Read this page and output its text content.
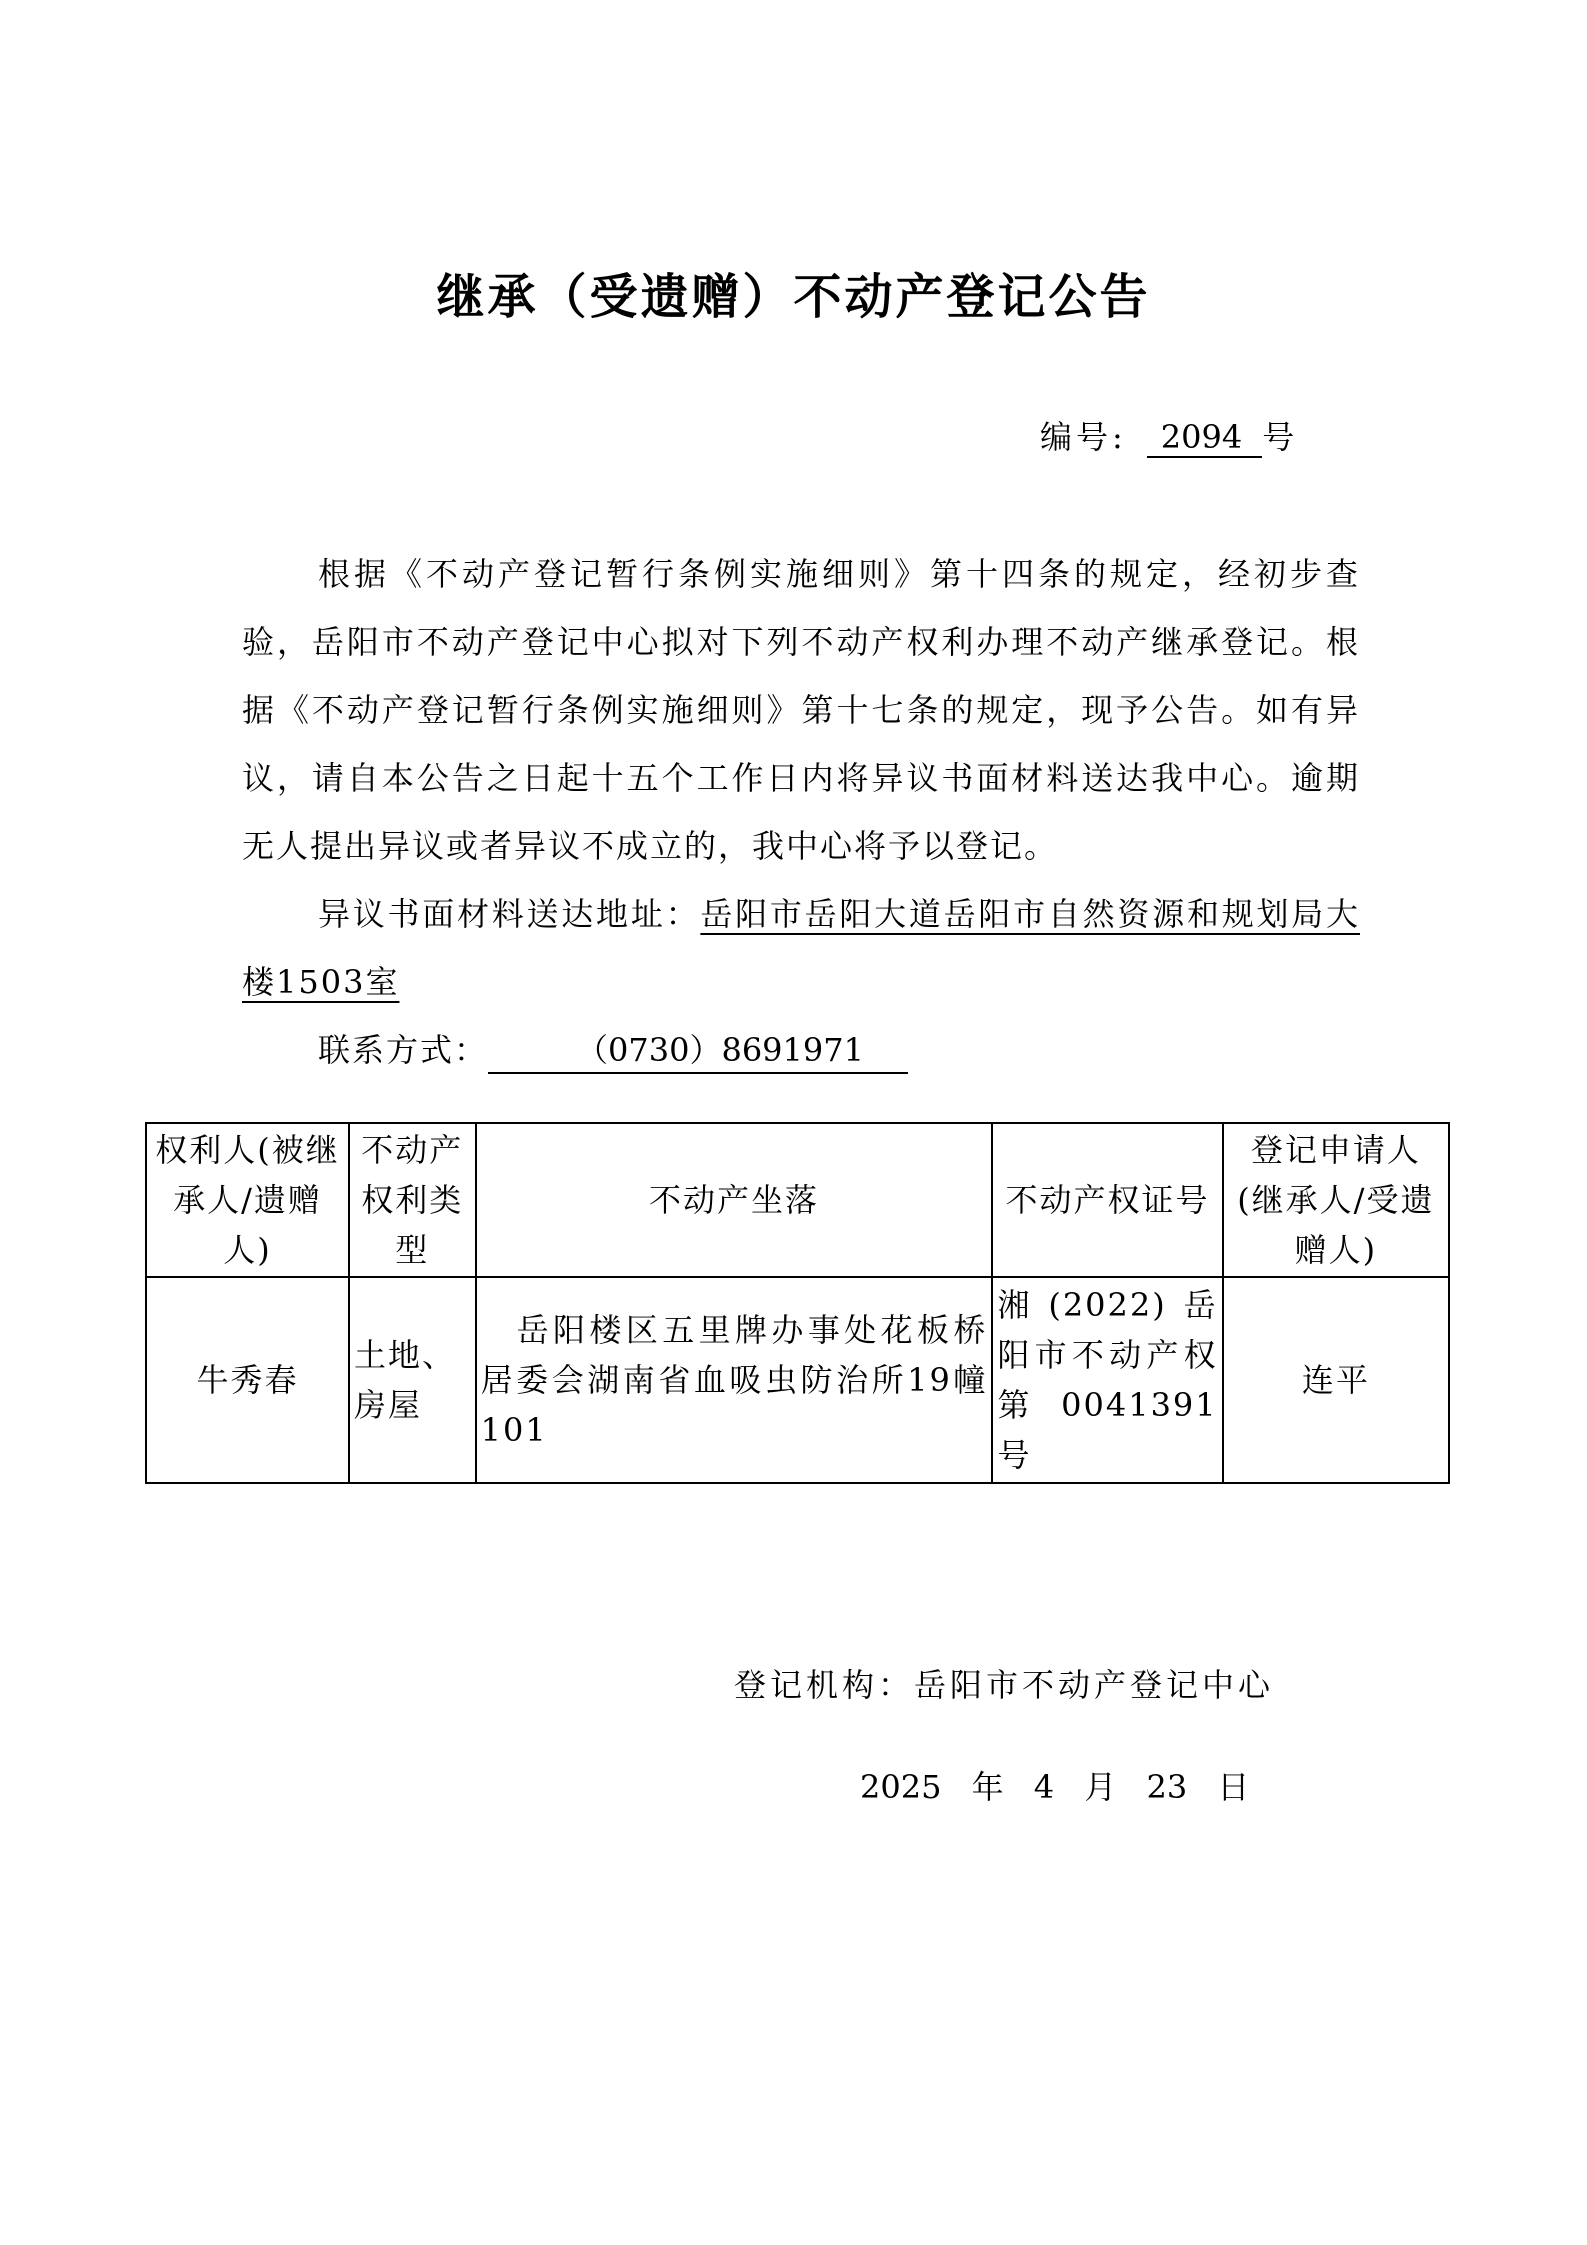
继承（受遗赠）不动产登记公告
编号: 2094 号
根据《不动产登记暂行条例实施细则》第十四条的规定，经初步查验，岳阳市不动产登记中心拟对下列不动产权利办理不动产继承登记。根据《不动产登记暂行条例实施细则》第十七条的规定，现予公告。如有异议，请自本公告之日起十五个工作日内将异议书面材料送达我中心。逾期无人提出异议或者异议不成立的，我中心将予以登记。
异议书面材料送达地址：岳阳市岳阳大道岳阳市自然资源和规划局大楼1503室
联系方式：	（0730）8691971
权利人(被继承人/遗赠人)	不动产权利类型	不动产坐落	不动产权证号	登记申请人(继承人/受遗赠人)
牛秀春	土地、房屋	岳阳楼区五里牌办事处花板桥居委会湖南省血吸虫防治所19幢101	湘(2022)岳阳市不动产权第0041391号	连平
登记机构：岳阳市不动产登记中心
2025 年 4 月 23 日
